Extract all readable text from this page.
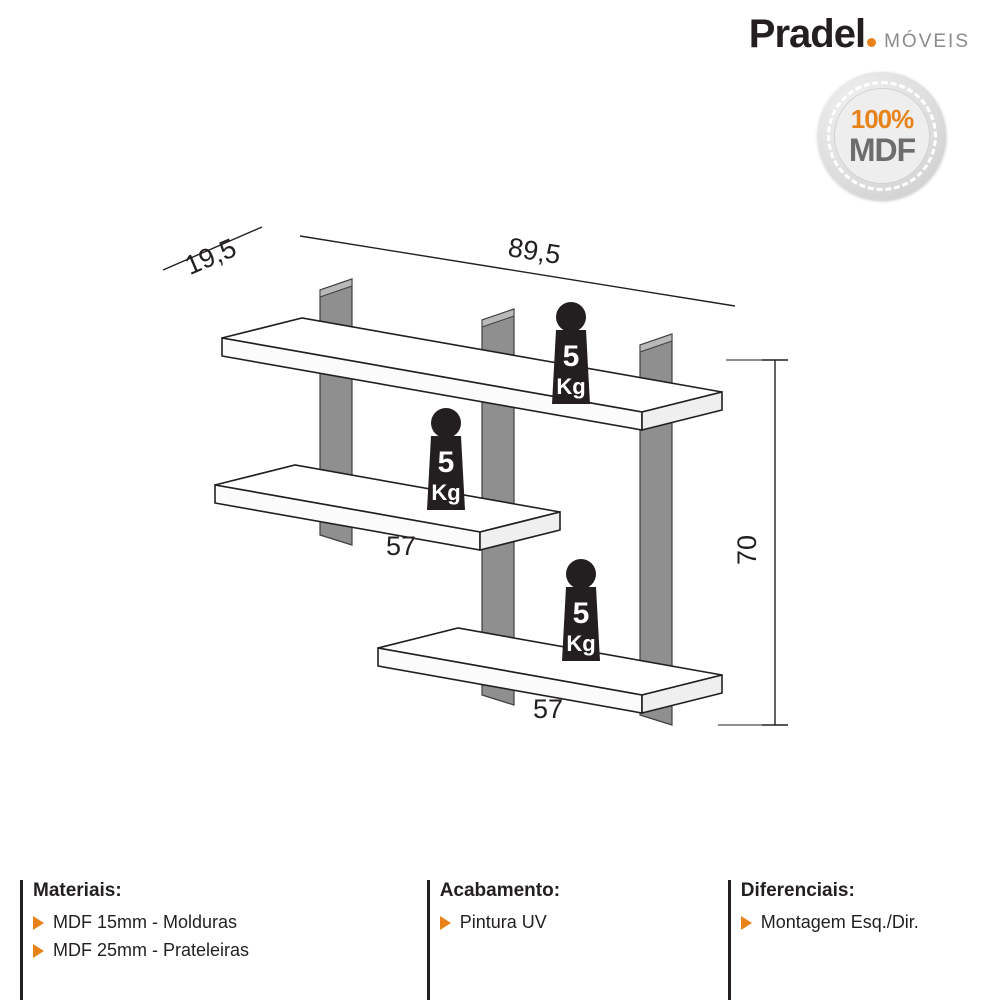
Pradel	MÓVEIS
100%
MDF
5
Kg
5
Kg
5
Kg
19,5	89,5
70
57
57
Materiais:
MDF 15mm - Molduras
MDF 25mm - Prateleiras
Acabamento:
Pintura UV
Diferenciais:
Montagem Esq./Dir.
